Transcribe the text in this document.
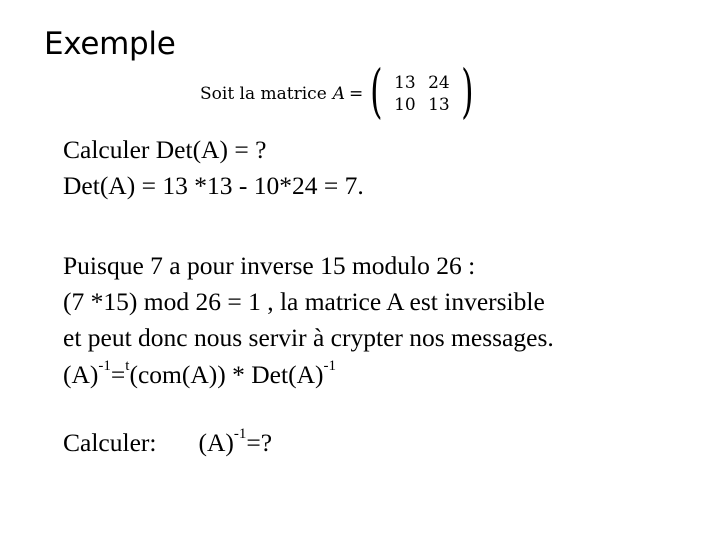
Exemple
Soit la matrice A = ( 13 24
10 13 )
Calculer Det(A) = ?
Det(A) = 13 *13 - 10*24 = 7.
Puisque 7 a pour inverse 15 modulo 26 :
(7 *15) mod 26 = 1 , la matrice A est inversible
et peut donc nous servir à crypter nos messages.
$(A)^{-1}=^t(com(A)) * Det(A)^{-1}$
Calculer: $(A)^{-1}=$?
